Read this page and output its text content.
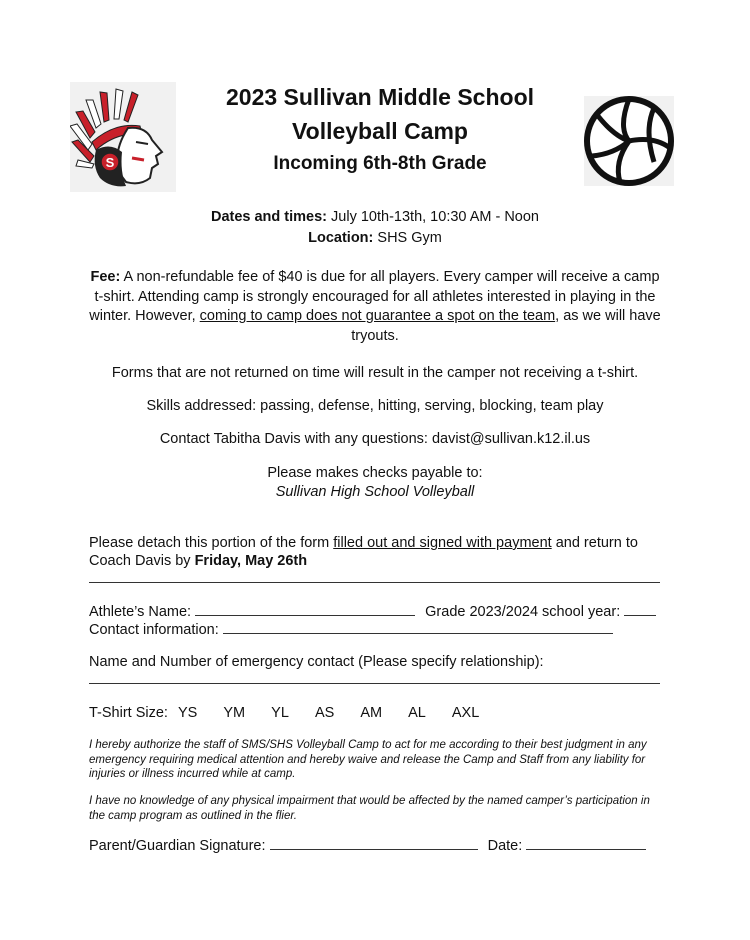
S
2023 Sullivan Middle School
Volleyball Camp
Incoming 6th-8th Grade
Dates and times: July 10th-13th, 10:30 AM - Noon
Location: SHS Gym
Fee: A non-refundable fee of $40 is due for all players. Every camper will receive a camp t-shirt. Attending camp is strongly encouraged for all athletes interested in playing in the winter. However, coming to camp does not guarantee a spot on the team, as we will have tryouts.
Forms that are not returned on time will result in the camper not receiving a t-shirt.
Skills addressed: passing, defense, hitting, serving, blocking, team play
Contact Tabitha Davis with any questions: davist@sullivan.k12.il.us
Please makes checks payable to:
Sullivan High School Volleyball
Please detach this portion of the form filled out and signed with payment and return to Coach Davis by Friday, May 26th
Athlete’s Name:	Grade 2023/2024 school year:
Contact information:
Name and Number of emergency contact (Please specify relationship):
T-Shirt Size: YS YM YL AS AM AL AXL
I hereby authorize the staff of SMS/SHS Volleyball Camp to act for me according to their best judgment in any emergency requiring medical attention and hereby waive and release the Camp and Staff from any liability for injuries or illness incurred while at camp.
I have no knowledge of any physical impairment that would be affected by the named camper’s participation in the camp program as outlined in the flier.
Parent/Guardian Signature:	Date:
